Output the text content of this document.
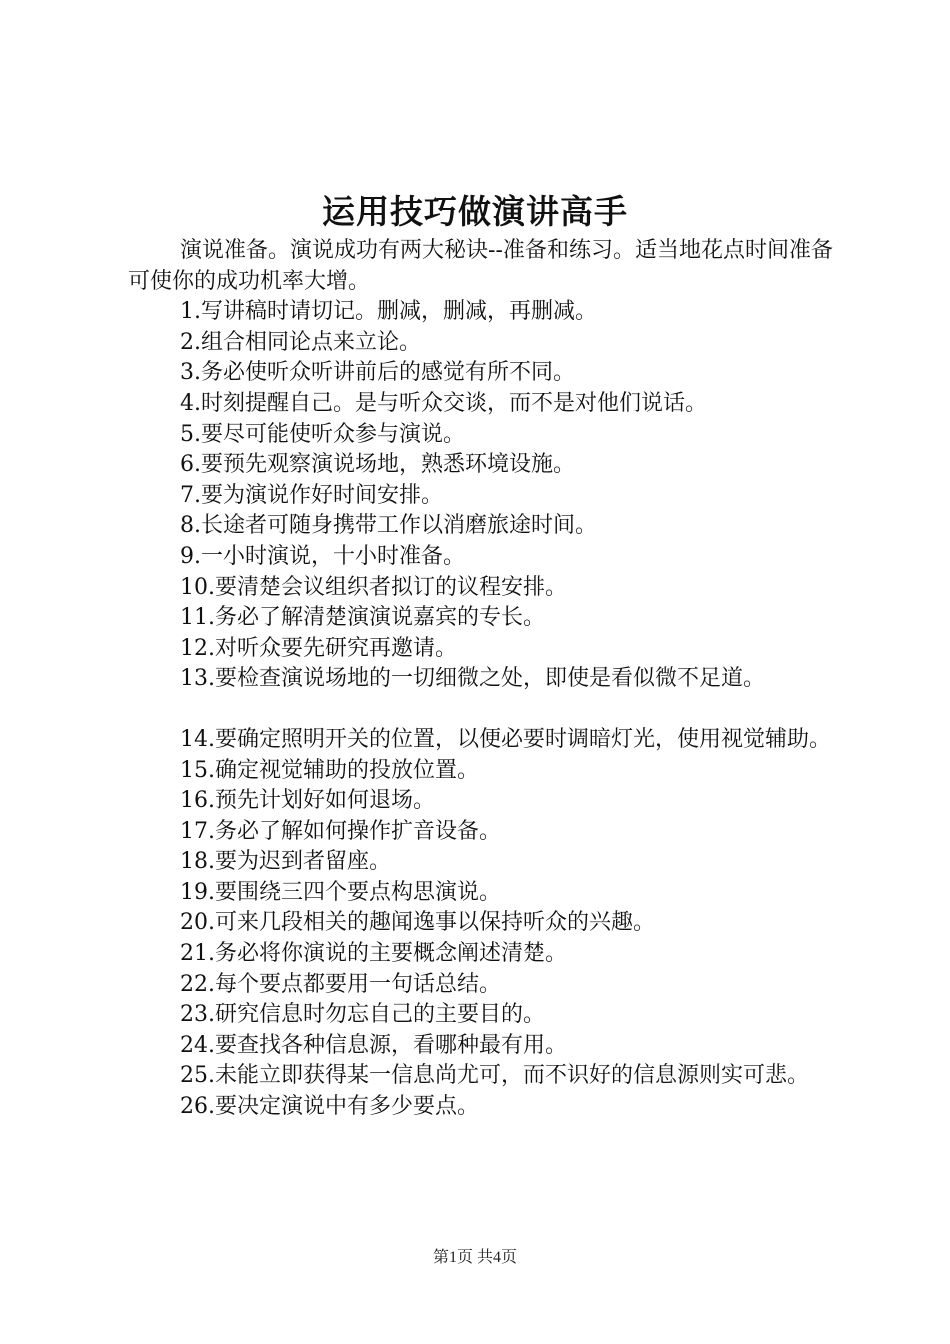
运用技巧做演讲高手

演说准备。演说成功有两大秘诀--准备和练习。适当地花点时间准备可使你的成功机率大增。

1.写讲稿时请切记。删减，删减，再删减。

2.组合相同论点来立论。

3.务必使听众听讲前后的感觉有所不同。

4.时刻提醒自己。是与听众交谈，而不是对他们说话。

5.要尽可能使听众参与演说。

6.要预先观察演说场地，熟悉环境设施。

7.要为演说作好时间安排。

8.长途者可随身携带工作以消磨旅途时间。

9.一小时演说，十小时准备。

10.要清楚会议组织者拟订的议程安排。

11.务必了解清楚演演说嘉宾的专长。

12.对听众要先研究再邀请。

13.要检查演说场地的一切细微之处，即使是看似微不足道。

14.要确定照明开关的位置，以便必要时调暗灯光，使用视觉辅助。

15.确定视觉辅助的投放位置。

16.预先计划好如何退场。

17.务必了解如何操作扩音设备。

18.要为迟到者留座。

19.要围绕三四个要点构思演说。

20.可来几段相关的趣闻逸事以保持听众的兴趣。

21.务必将你演说的主要概念阐述清楚。

22.每个要点都要用一句话总结。

23.研究信息时勿忘自己的主要目的。

24.要查找各种信息源，看哪种最有用。

25.未能立即获得某一信息尚尤可，而不识好的信息源则实可悲。

26.要决定演说中有多少要点。

第1页 共4页
